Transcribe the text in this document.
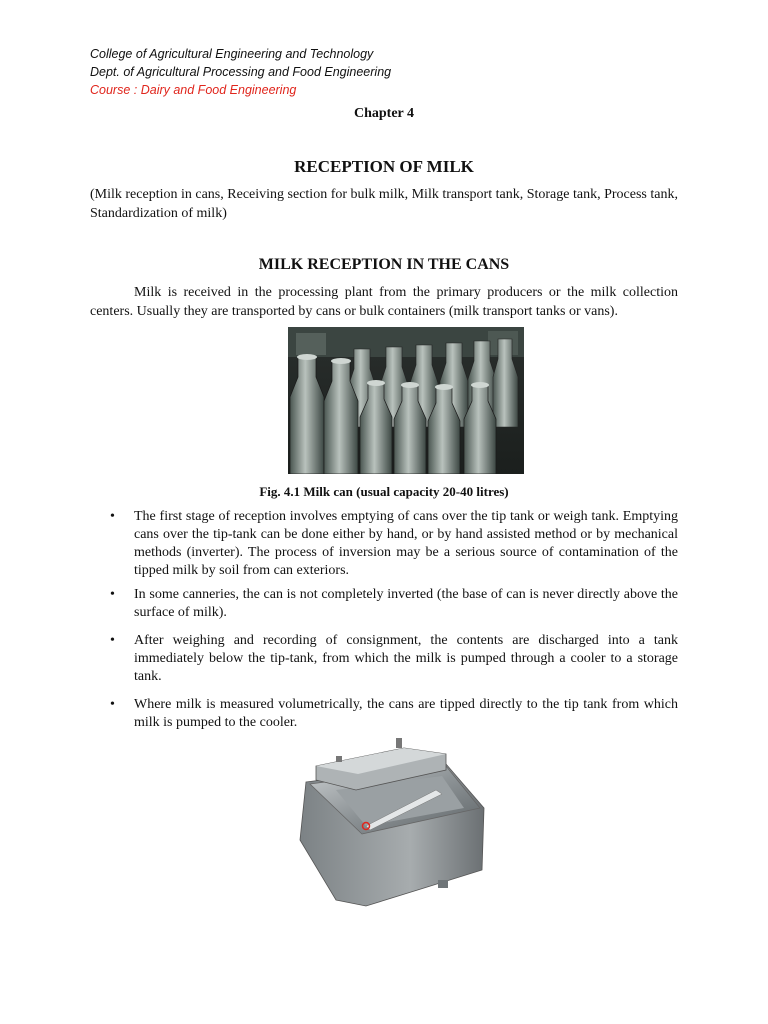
College of Agricultural Engineering and Technology
Dept. of Agricultural Processing and Food Engineering
Course : Dairy and Food Engineering
Chapter 4
RECEPTION OF MILK
(Milk reception in cans, Receiving section for bulk milk, Milk transport tank, Storage tank, Process tank, Standardization of milk)
MILK RECEPTION IN THE CANS
Milk is received in the processing plant from the primary producers or the milk collection centers. Usually they are transported by cans or bulk containers (milk transport tanks or vans).
Fig. 4.1 Milk can (usual capacity 20-40 litres)
• The first stage of reception involves emptying of cans over the tip tank or weigh tank. Emptying cans over the tip-tank can be done either by hand, or by hand assisted method or by mechanical methods (inverter). The process of inversion may be a serious source of contamination of the tipped milk by soil from can exteriors.
• In some canneries, the can is not completely inverted (the base of can is never directly above the surface of milk).
• After weighing and recording of consignment, the contents are discharged into a tank immediately below the tip-tank, from which the milk is pumped through a cooler to a storage tank.
• Where milk is measured volumetrically, the cans are tipped directly to the tip tank from which milk is pumped to the cooler.
